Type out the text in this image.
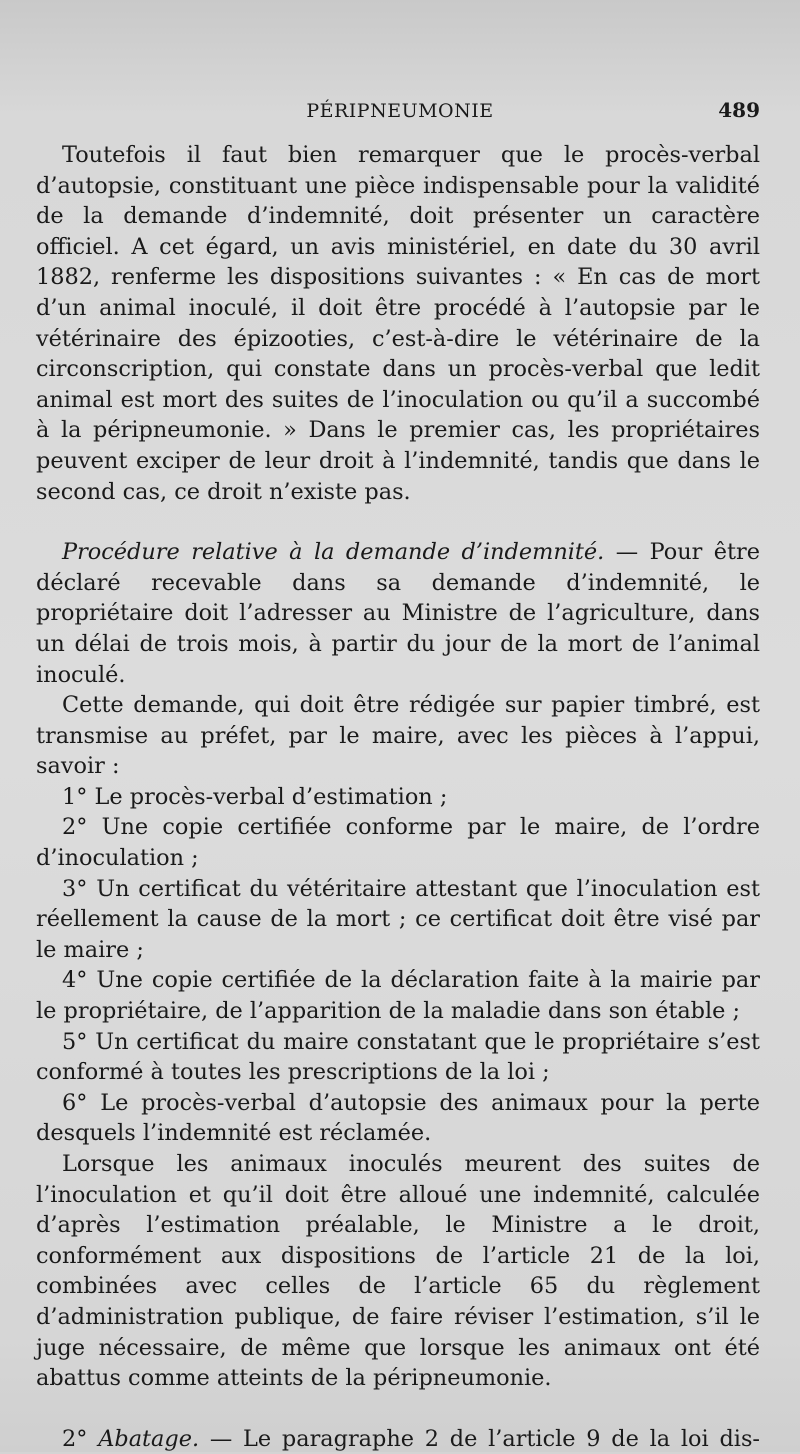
PÉRIPNEUMONIE	489

Toutefois il faut bien remarquer que le procès-verbal d’autopsie, constituant une pièce indispensable pour la validité de la demande d’indemnité, doit présenter un caractère officiel. A cet égard, un avis ministériel, en date du 30 avril 1882, renferme les dispositions suivantes : « En cas de mort d’un animal inoculé, il doit être procédé à l’autopsie par le vétérinaire des épizooties, c’est-à-dire le vétérinaire de la circonscription, qui constate dans un procès-verbal que ledit animal est mort des suites de l’inoculation ou qu’il a succombé à la péripneumonie. » Dans le premier cas, les propriétaires peuvent exciper de leur droit à l’indemnité, tandis que dans le second cas, ce droit n’existe pas.

Procédure relative à la demande d’indemnité. — Pour être déclaré recevable dans sa demande d’indemnité, le propriétaire doit l’adresser au Ministre de l’agriculture, dans un délai de trois mois, à partir du jour de la mort de l’animal inoculé.

Cette demande, qui doit être rédigée sur papier timbré, est transmise au préfet, par le maire, avec les pièces à l’appui, savoir :

1° Le procès-verbal d’estimation ;

2° Une copie certifiée conforme par le maire, de l’ordre d’inoculation ;

3° Un certificat du vétéritaire attestant que l’inoculation est réellement la cause de la mort ; ce certificat doit être visé par le maire ;

4° Une copie certifiée de la déclaration faite à la mairie par le propriétaire, de l’apparition de la maladie dans son étable ;

5° Un certificat du maire constatant que le propriétaire s’est conformé à toutes les prescriptions de la loi ;

6° Le procès-verbal d’autopsie des animaux pour la perte desquels l’indemnité est réclamée.

Lorsque les animaux inoculés meurent des suites de l’inoculation et qu’il doit être alloué une indemnité, calculée d’après l’estimation préalable, le Ministre a le droit, conformément aux dispositions de l’article 21 de la loi, combinées avec celles de l’article 65 du règlement d’administration publique, de faire réviser l’estimation, s’il le juge nécessaire, de même que lorsque les animaux ont été abattus comme atteints de la péripneumonie.

2° Abatage. — Le paragraphe 2 de l’article 9 de la loi dis-
